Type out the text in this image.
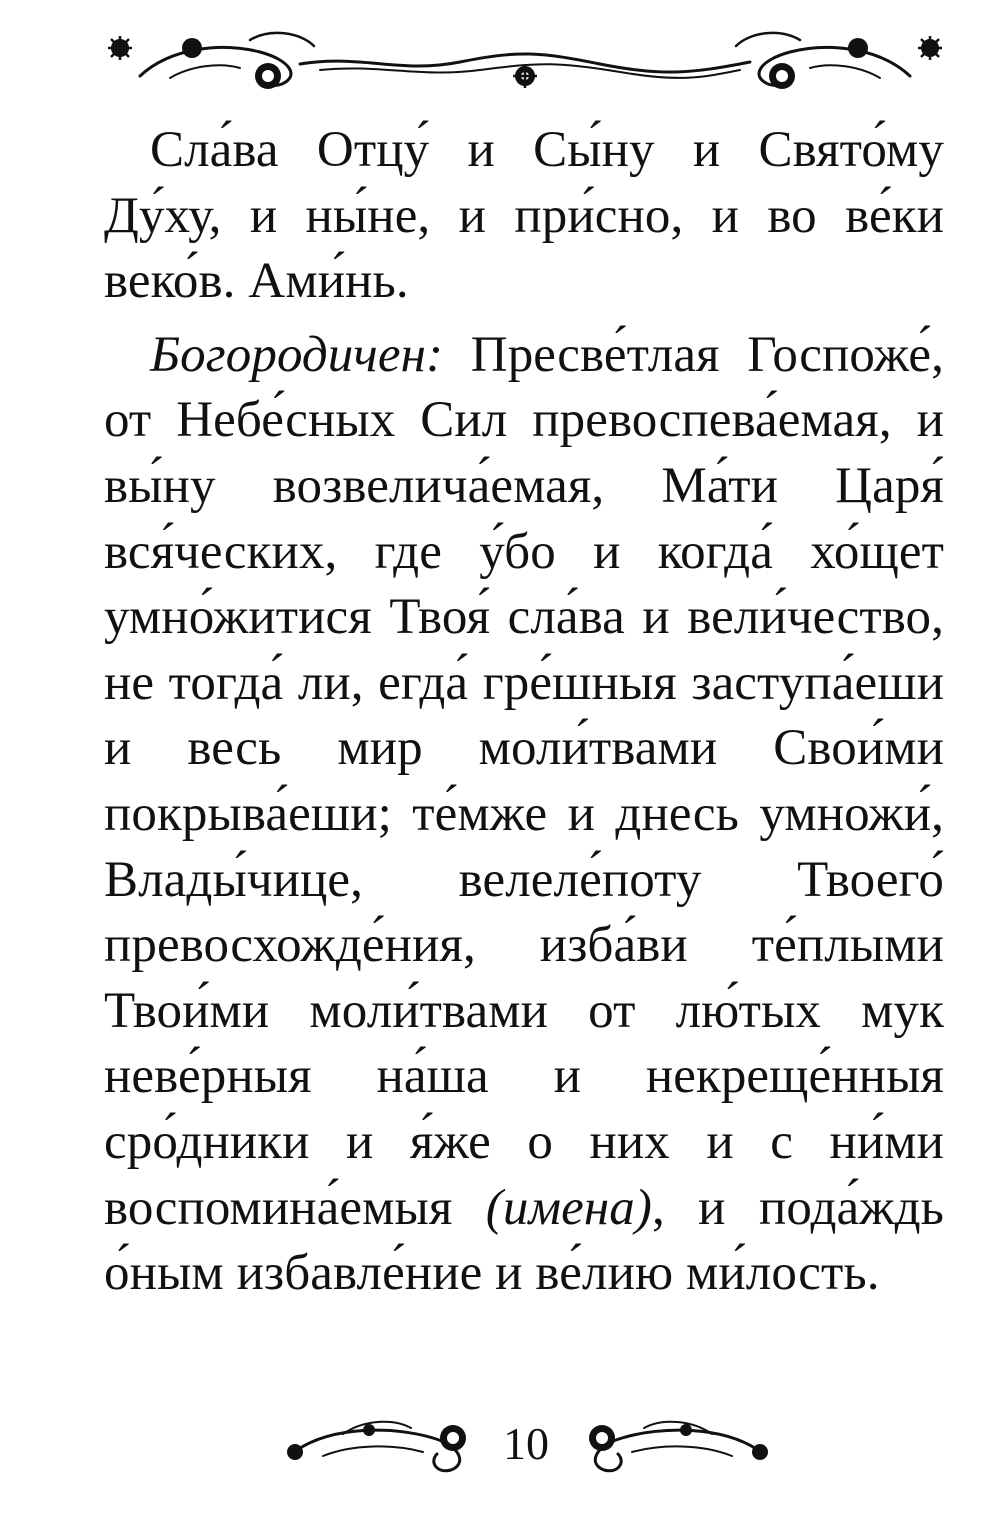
Сла́ва Отцу́ и Сы́ну и Свято́му Ду́ху, и ны́не, и при́сно, и во ве́ки веко́в. Ами́нь.

Богородичен: Пресве́тлая Госпоже́, от Небе́сных Сил превоспева́емая, и вы́ну возвелича́емая, Ма́ти Царя́ вся́ческих, где у́бо и когда́ хо́щет умно́житися Твоя́ сла́ва и вели́чество, не тогда́ ли, егда́ гре́шныя заступа́еши и весь мир моли́твами Свои́ми покрыва́еши; те́мже и днесь умножи́, Влады́чице, велеле́поту Твоего́ превосхожде́ния, изба́ви те́плыми Твои́ми моли́твами от лю́тых мук неве́рныя на́ша и некреще́нныя сро́дники и я́же о них и с ни́ми воспомина́емыя (имена), и пода́ждь о́ным избавле́ние и ве́лию ми́лость.

10
